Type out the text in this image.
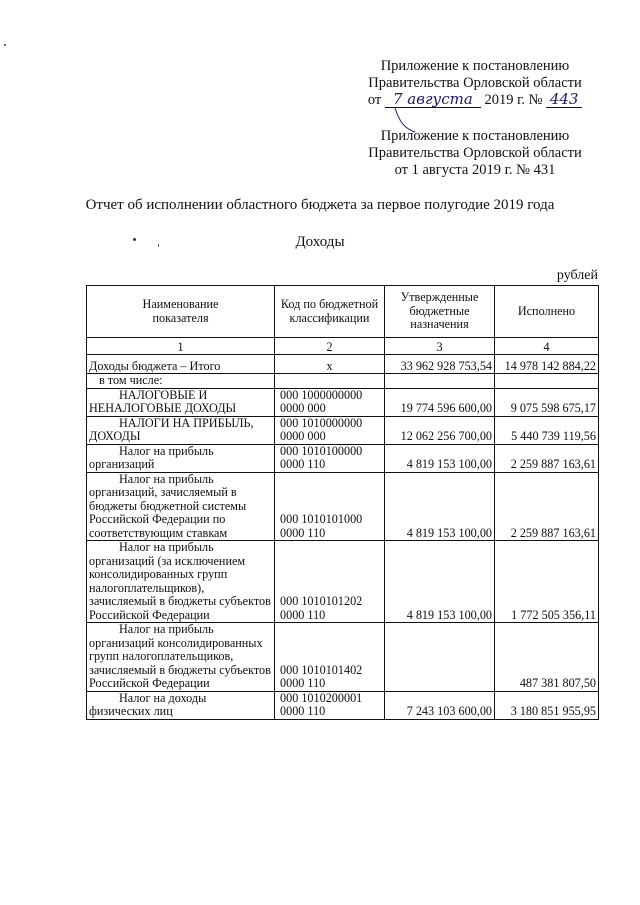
Приложение к постановлению
Правительства Орловской области
от 7 августа 2019 г. № 443
Приложение к постановлению
Правительства Орловской области
от 1 августа 2019 г. № 431
Отчет об исполнении областного бюджета за первое полугодие 2019 года
Доходы
рублей
Наименование показателя	Код по бюджетной классификации	Утвержденные бюджетные назначения	Исполнено
1	2	3	4
Доходы бюджета – Итого	х	33 962 928 753,54	14 978 142 884,22
в том числе:			

НАЛОГОВЫЕ И
НЕНАЛОГОВЫЕ ДОХОДЫ	000 1000000000 0000 000	19 774 596 600,00	9 075 598 675,17

НАЛОГИ НА ПРИБЫЛЬ,
ДОХОДЫ	000 1010000000 0000 000	12 062 256 700,00	5 440 739 119,56

Налог на прибыль
организаций	000 1010100000 0000 110	4 819 153 100,00	2 259 887 163,61
Налог на прибыль организаций, зачисляемый в бюджеты бюджетной системы Российской Федерации по соответствующим ставкам	000 1010101000 0000 110	4 819 153 100,00	2 259 887 163,61
Налог на прибыль организаций (за исключением консолидированных групп налогоплательщиков), зачисляемый в бюджеты субъектов Российской Федерации	000 1010101202 0000 110	4 819 153 100,00	1 772 505 356,11
Налог на прибыль организаций консолидированных групп налогоплательщиков, зачисляемый в бюджеты субъектов Российской Федерации	000 1010101402 0000 110		487 381 807,50

Налог на доходы
физических лиц	000 1010200001 0000 110	7 243 103 600,00	3 180 851 955,95
